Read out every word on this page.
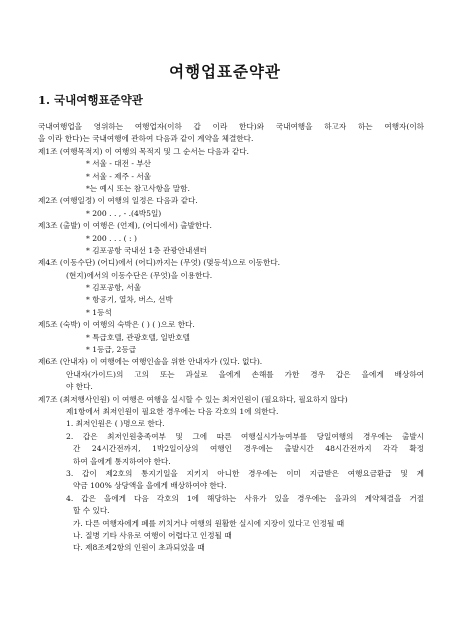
여행업표준약관
1. 국내여행표준약관
국내여행업을 영위하는 여행업자(이하 갑 이라 한다)와 국내여행을 하고자 하는 여행자(이하
을 이라 한다)는 국내여행에 관하여 다음과 같이 계약을 체결한다.
제1조 (여행목적지) 이 여행의 목적지 및 그 순서는 다음과 같다.
* 서울 - 대전 - 부산
* 서울 - 제주 - 서울
*는 예시 또는 참고사항을 말함.
제2조 (여행일정) 이 여행의 일정은 다음과 같다.
* 200 . . , - .(4박5일)
제3조 (출발) 이 여행은 (언제), (어디에서) 출발한다.
* 200 . . . ( : )
* 김포공항 국내선 1층 관광안내센터
제4조 (이동수단) (어디)에서 (어디)까지는 (무엇) (몇등석)으로 이동한다.
(현지)에서의 이동수단은 (무엇)을 이용한다.
* 김포공항, 서울
* 항공기, 열차, 버스, 선박
* 1등석
제5조 (숙박) 이 여행의 숙박은 ( ) ( )으로 한다.
* 특급호텔, 관광호텔, 일반호텔
* 1등급, 2등급
제6조 (안내자) 이 여행에는 여행인솔을 위한 안내자가 (있다. 없다).
안내자(가이드)의 고의 또는 과실로 을에게 손해를 가한 경우 갑은 을에게 배상하여
야 한다.
제7조 (최저행사인원) 이 여행은 여행을 실시할 수 있는 최저인원이 (필요하다, 필요하지 않다)
제1항에서 최저인원이 필요한 경우에는 다음 각호의 1에 의한다.
1. 최저인원은 ( )명으로 한다.
2. 갑은 최저인원충족여부 및 그에 따른 여행실시가능여부를 당일여행의 경우에는 출발시
간 24시간전까지, 1박2일이상의 여행인 경우에는 출발시간 48시간전까지 각각 확정
하여 을에게 통지하여야 한다.
3. 갑이 제2호의 통지기일을 지키지 아니한 경우에는 이미 지급받은 여행요금환급 및 계
약금 100% 상당액을 을에게 배상하여야 한다.
4. 갑은 을에게 다음 각호의 1에 해당하는 사유가 있을 경우에는 을과의 계약체결을 거절
할 수 있다.
가. 다른 여행자에게 폐를 끼치거나 여행의 원활한 실시에 지장이 있다고 인정될 때
나. 질병 기타 사유로 여행이 어렵다고 인정될 때
다. 제8조제2항의 인원이 초과되었을 때
